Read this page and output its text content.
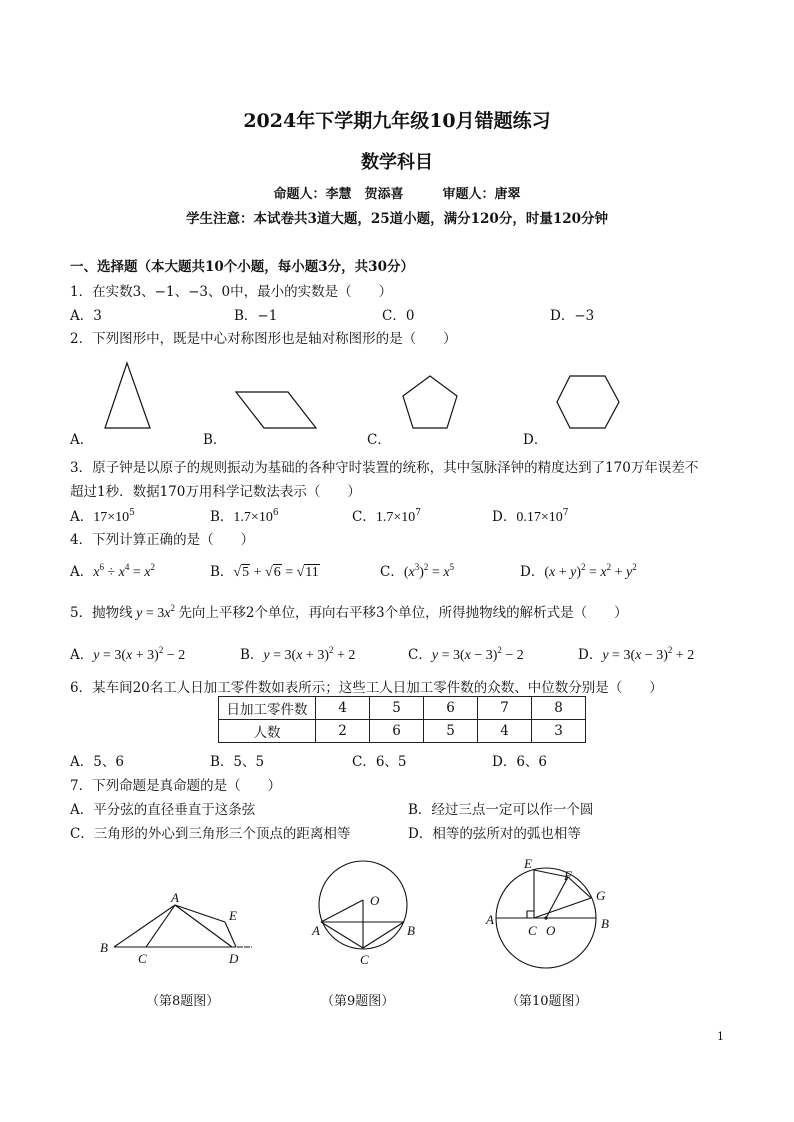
2024年下学期九年级10月错题练习
数学科目
命题人：李慧　贺添喜　　　审题人：唐翠
学生注意：本试卷共3道大题，25道小题，满分120分，时量120分钟
一、选择题（本大题共10个小题，每小题3分，共30分）
1．在实数3、−1、−3、0中，最小的实数是（　　）
A．3	B．−1	C．0	D．−3
2．下列图形中，既是中心对称图形也是轴对称图形的是（　　）
A．	B．	C．	D．
3．原子钟是以原子的规则振动为基础的各种守时装置的统称，其中氢脉泽钟的精度达到了170万年误差不
超过1秒．数据170万用科学记数法表示（　　）
A．$17\times 10^5$	B．$1.7\times 10^6$	C．$1.7\times 10^7$	D．$0.17\times 10^7$
4．下列计算正确的是（　　）
A．$x^6 \div x^4 = x^2$	B．√5 + √6 = √11	C．$(x^3)^2 = x^5$	D．$(x + y)^2 = x^2 + y^2$
5．抛物线 $y = 3x^2$ 先向上平移2个单位，再向右平移3个单位，所得抛物线的解析式是（　　）
A．$y = 3(x + 3)^2 - 2$	B．$y = 3(x + 3)^2 + 2$	C．$y = 3(x - 3)^2 - 2$	D．$y = 3(x - 3)^2 + 2$
6．某车间20名工人日加工零件数如表所示；这些工人日加工零件数的众数、中位数分别是（　　）
日加工零件数	4	5	6	7	8
人数	2	6	5	4	3
A．5、6	B．5、5	C．6、5	D．6、6
7．下列命题是真命题的是（　　）
A．平分弦的直径垂直于这条弦	B．经过三点一定可以作一个圆
C．三角形的外心到三角形三个顶点的距离相等	D．相等的弦所对的弧也相等
A
B
C	D
E
（第8题图）
O
A	B
C
（第9题图）
E
F
G
A	B
C O
（第10题图）
1
